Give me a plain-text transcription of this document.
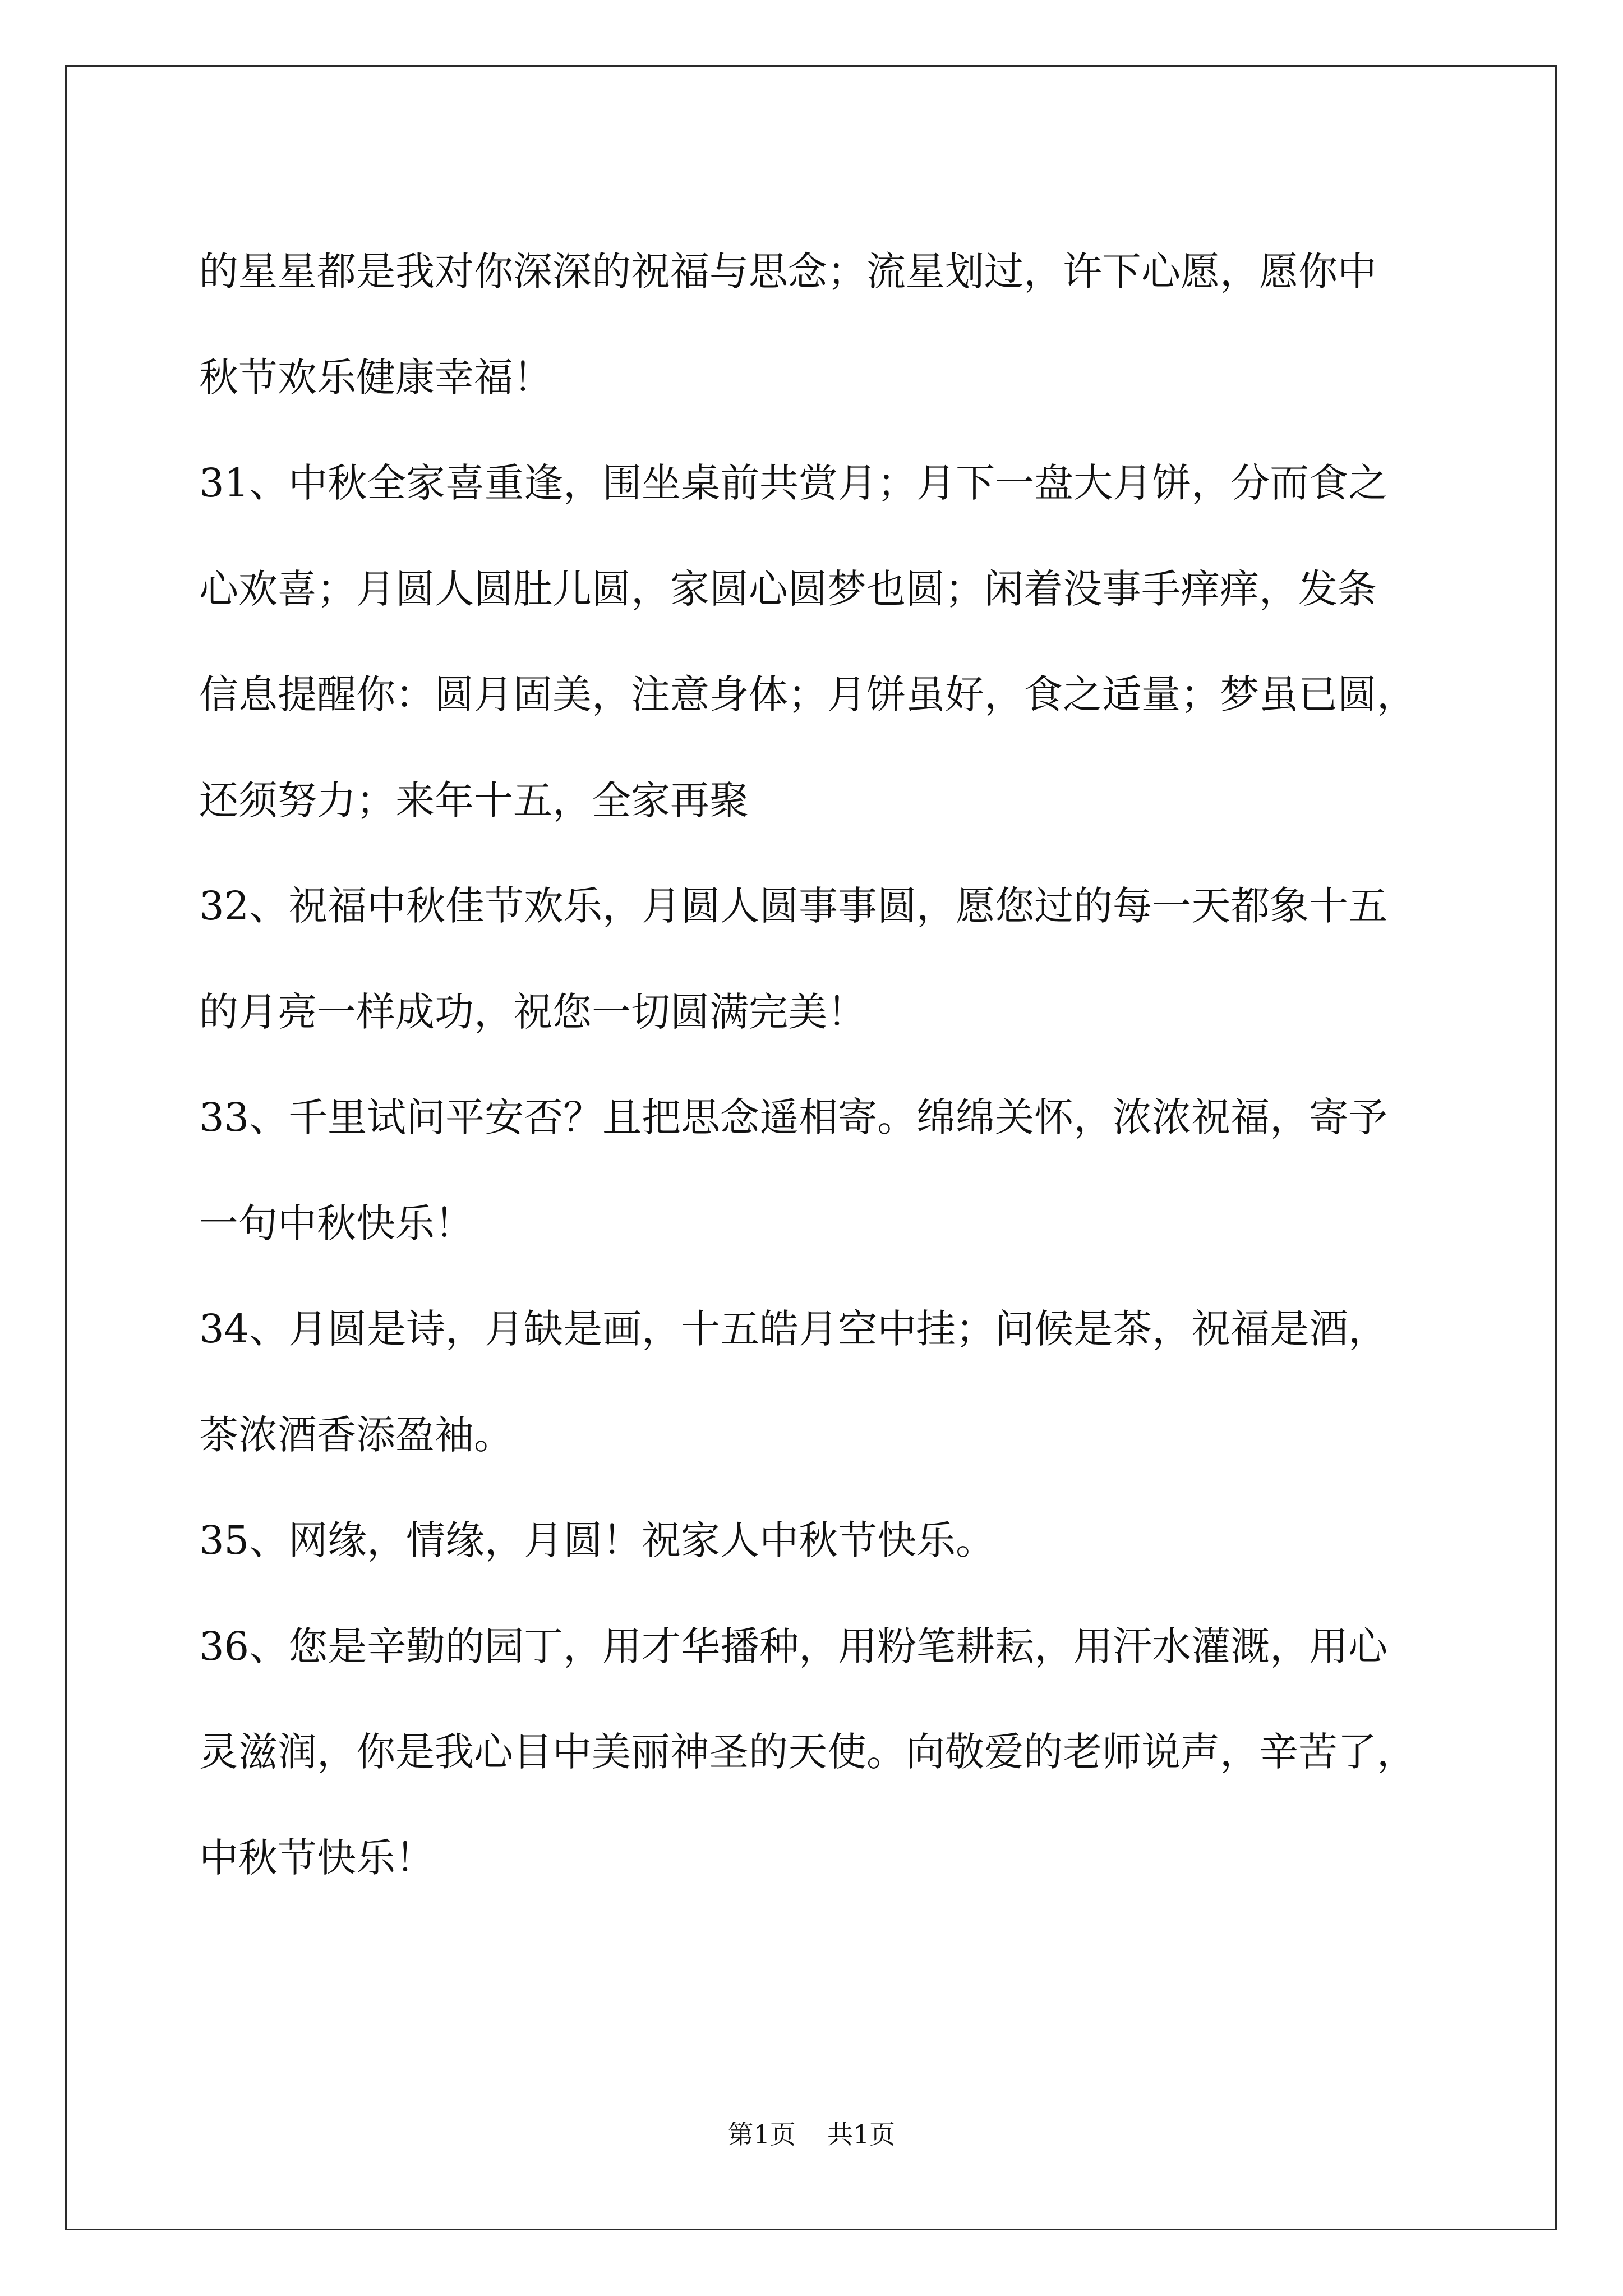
的星星都是我对你深深的祝福与思念；流星划过，许下心愿，愿你中
秋节欢乐健康幸福！
31、中秋全家喜重逢，围坐桌前共赏月；月下一盘大月饼，分而食之
心欢喜；月圆人圆肚儿圆，家圆心圆梦也圆；闲着没事手痒痒，发条
信息提醒你：圆月固美，注意身体；月饼虽好，食之适量；梦虽已圆，
还须努力；来年十五，全家再聚
32、祝福中秋佳节欢乐，月圆人圆事事圆，愿您过的每一天都象十五
的月亮一样成功，祝您一切圆满完美！
33、千里试问平安否？且把思念遥相寄。绵绵关怀，浓浓祝福，寄予
一句中秋快乐！
34、月圆是诗，月缺是画，十五皓月空中挂；问候是茶，祝福是酒，
茶浓酒香添盈袖。
35、网缘，情缘，月圆！祝家人中秋节快乐。
36、您是辛勤的园丁，用才华播种，用粉笔耕耘，用汗水灌溉，用心
灵滋润，你是我心目中美丽神圣的天使。向敬爱的老师说声，辛苦了，
中秋节快乐！
第1页 共1页
